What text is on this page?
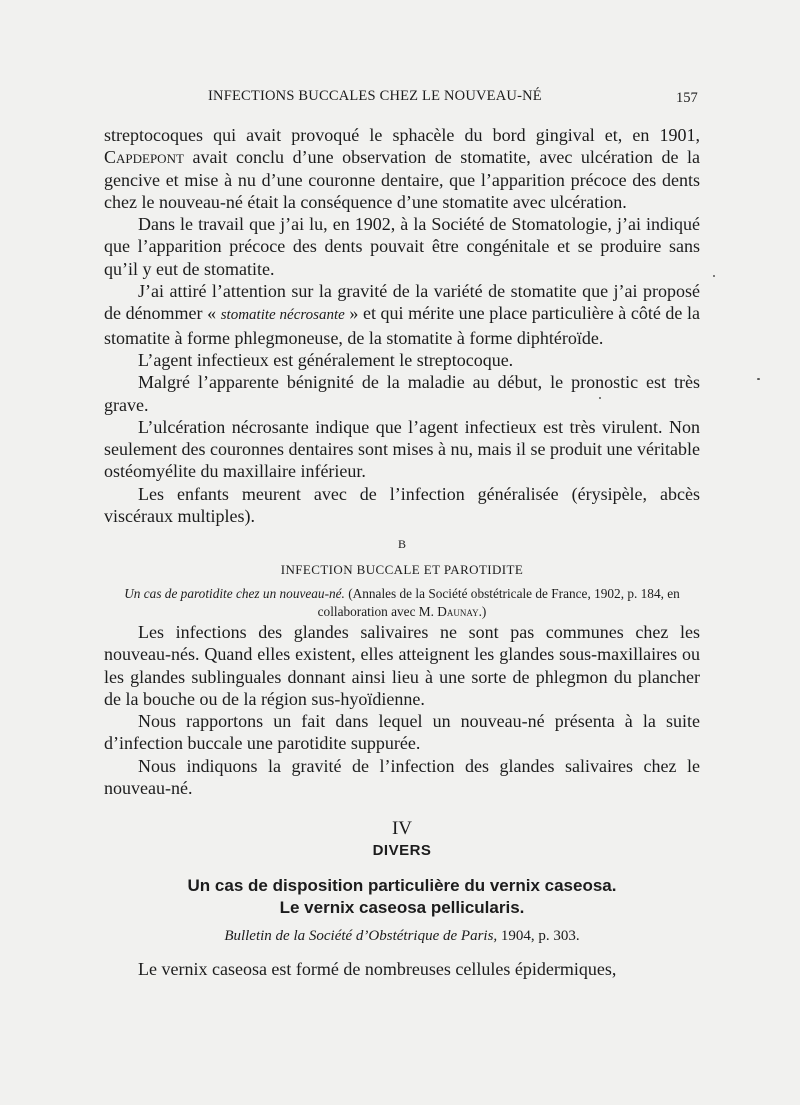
INFECTIONS BUCCALES CHEZ LE NOUVEAU-NÉ	157

streptocoques qui avait provoqué le sphacèle du bord gingival et, en 1901, Capdepont avait conclu d’une observation de stomatite, avec ulcération de la gencive et mise à nu d’une couronne dentaire, que l’apparition précoce des dents chez le nouveau-né était la conséquence d’une stomatite avec ulcération.

Dans le travail que j’ai lu, en 1902, à la Société de Stomatologie, j’ai indiqué que l’apparition précoce des dents pouvait être congénitale et se produire sans qu’il y eut de stomatite.

J’ai attiré l’attention sur la gravité de la variété de stomatite que j’ai proposé de dénommer « stomatite nécrosante » et qui mérite une place particulière à côté de la stomatite à forme phlegmoneuse, de la stomatite à forme diphtéroïde.

L’agent infectieux est généralement le streptocoque.

Malgré l’apparente bénignité de la maladie au début, le pronostic est très grave.

L’ulcération nécrosante indique que l’agent infectieux est très virulent. Non seulement des couronnes dentaires sont mises à nu, mais il se produit une véritable ostéomyélite du maxillaire inférieur.

Les enfants meurent avec de l’infection généralisée (érysipèle, abcès viscéraux multiples).

B
INFECTION BUCCALE ET PAROTIDITE

Un cas de parotidite chez un nouveau-né. (Annales de la Société obstétricale de France, 1902, p. 184, en collaboration avec M. Daunay.)

Les infections des glandes salivaires ne sont pas communes chez les nouveau-nés. Quand elles existent, elles atteignent les glandes sous-maxillaires ou les glandes sublinguales donnant ainsi lieu à une sorte de phlegmon du plancher de la bouche ou de la région sus-hyoïdienne.

Nous rapportons un fait dans lequel un nouveau-né présenta à la suite d’infection buccale une parotidite suppurée.

Nous indiquons la gravité de l’infection des glandes salivaires chez le nouveau-né.

IV
DIVERS
Un cas de disposition particulière du vernix caseosa.
Le vernix caseosa pellicularis.
Bulletin de la Société d’Obstétrique de Paris, 1904, p. 303.

Le vernix caseosa est formé de nombreuses cellules épidermiques,
